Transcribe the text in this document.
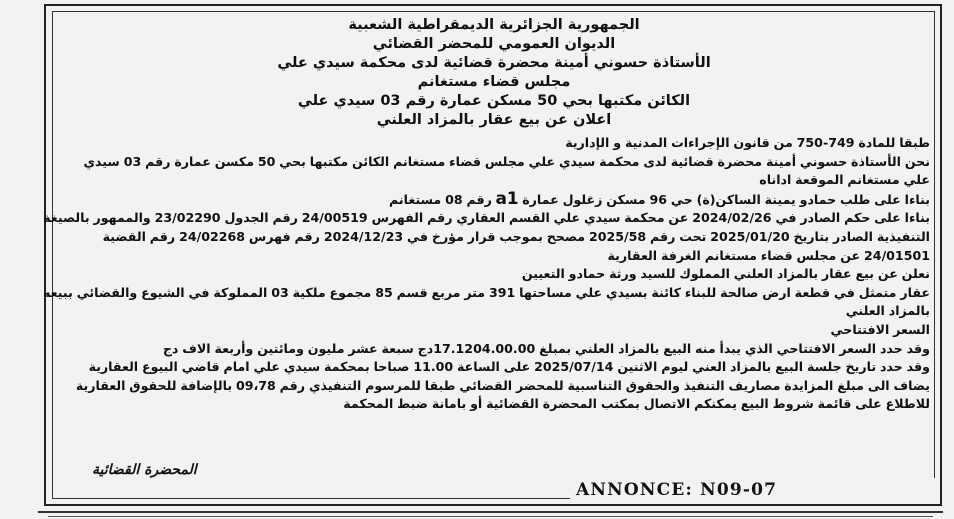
الجمهورية الجزائرية الديمقراطية الشعبية
الديوان العمومي للمحضر القضائي
الأستاذة حسوني أمينة محضرة قضائية لدى محكمة سيدي علي
مجلس قضاء مستغانم
الكائن مكتبها بحي 50 مسكن عمارة رقم 03 سيدي علي
اعلان عن بيع عقار بالمزاد العلني

طبقا للمادة 749-750 من قانون الإجراءات المدنية و الإدارية

نحن الأستاذة حسوني أمينة محضرة قضائية لدى محكمة سيدي علي مجلس قضاء مستغانم الكائن مكتبها بحي 50 مكسن عمارة رقم 03 سيدي

علي مستغانم الموقعة اداناه

بناءا على طلب حمادو يمينة الساكن(ة) حي 96 مسكن زغلول عمارة a1 رقم 08 مستغانم

بناءا على حكم الصادر في 2024/02/26 عن محكمة سيدي علي القسم العقاري رقم الفهرس 24/00519 رقم الجدول 23/02290 والممهور بالصيغة

التنفيذية الصادر بتاريخ 2025/01/20 تحت رقم 2025/58 مصحح بموجب قرار مؤرخ في 2024/12/23 رقم فهرس 24/02268 رقم القضية

24/01501 عن مجلس قضاء مستغانم الغرفة العقارية

نعلن عن بيع عقار بالمزاد العلني المملوك للسيد ورثة حمادو التعيين

عقار متمثل في قطعة ارض صالحة للبناء كائنة بسيدي علي مساحتها 391 متر مربع قسم 85 مجموع ملكية 03 المملوكة في الشيوع والقضائي ببيعه

بالمزاد العلني

السعر الافتتاحي

وقد حدد السعر الافتتاحي الذي يبدأ منه البيع بالمزاد العلني بمبلغ 17.1204.00.00دج سبعة عشر مليون ومائتين وأربعة الاف دج

وقد حدد تاريخ جلسة البيع بالمزاد العني ليوم الاثنين 2025/07/14 على الساعة 11.00 صباحا بمحكمة سيدي علي امام قاضي البيوع العقارية

يضاف الى مبلغ المزايدة مصاريف التنفيذ والحقوق التناسبية للمحضر القضائي طبقا للمرسوم التنفيذي رقم 09،78 بالإضافة للحقوق العقارية

للاطلاع على قائمة شروط البيع يمكنكم الاتصال بمكتب المحضرة القضائية أو بامانة ضبط المحكمة

المحضرة القضائية
ANNONCE: N09-07
